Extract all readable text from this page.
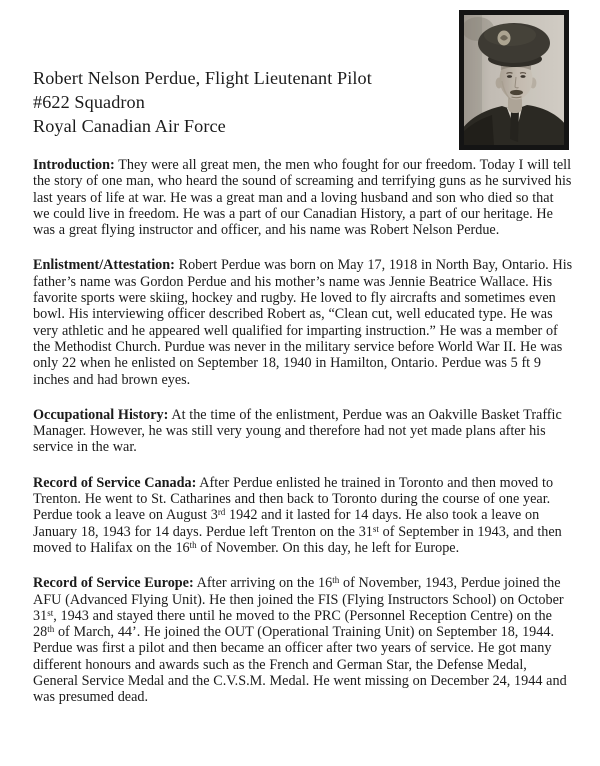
Robert Nelson Perdue, Flight Lieutenant Pilot
#622 Squadron
Royal Canadian Air Force

Introduction: They were all great men, the men who fought for our freedom. Today I will tell the story of one man, who heard the sound of screaming and terrifying guns as he survived his last years of life at war. He was a great man and a loving husband and son who died so that we could live in freedom. He was a part of our Canadian History, a part of our heritage. He was a great flying instructor and officer, and his name was Robert Nelson Perdue.

Enlistment/Attestation: Robert Perdue was born on May 17, 1918 in North Bay, Ontario. His father’s name was Gordon Perdue and his mother’s name was Jennie Beatrice Wallace. His favorite sports were skiing, hockey and rugby. He loved to fly aircrafts and sometimes even bowl. His interviewing officer described Robert as, “Clean cut, well educated type. He was very athletic and he appeared well qualified for imparting instruction.” He was a member of the Methodist Church. Purdue was never in the military service before World War II. He was only 22 when he enlisted on September 18, 1940 in Hamilton, Ontario. Perdue was 5 ft 9 inches and had brown eyes.

Occupational History: At the time of the enlistment, Perdue was an Oakville Basket Traffic Manager. However, he was still very young and therefore had not yet made plans after his service in the war.

Record of Service Canada: After Perdue enlisted he trained in Toronto and then moved to Trenton. He went to St. Catharines and then back to Toronto during the course of one year. Perdue took a leave on August 3rd 1942 and it lasted for 14 days. He also took a leave on January 18, 1943 for 14 days. Perdue left Trenton on the 31st of September in 1943, and then moved to Halifax on the 16th of November. On this day, he left for Europe.

Record of Service Europe: After arriving on the 16th of November, 1943, Perdue joined the AFU (Advanced Flying Unit). He then joined the FIS (Flying Instructors School) on October 31st, 1943 and stayed there until he moved to the PRC (Personnel Reception Centre) on the 28th of March, 44’. He joined the OUT (Operational Training Unit) on September 18, 1944. Perdue was first a pilot and then became an officer after two years of service. He got many different honours and awards such as the French and German Star, the Defense Medal, General Service Medal and the C.V.S.M. Medal. He went missing on December 24, 1944 and was presumed dead.
